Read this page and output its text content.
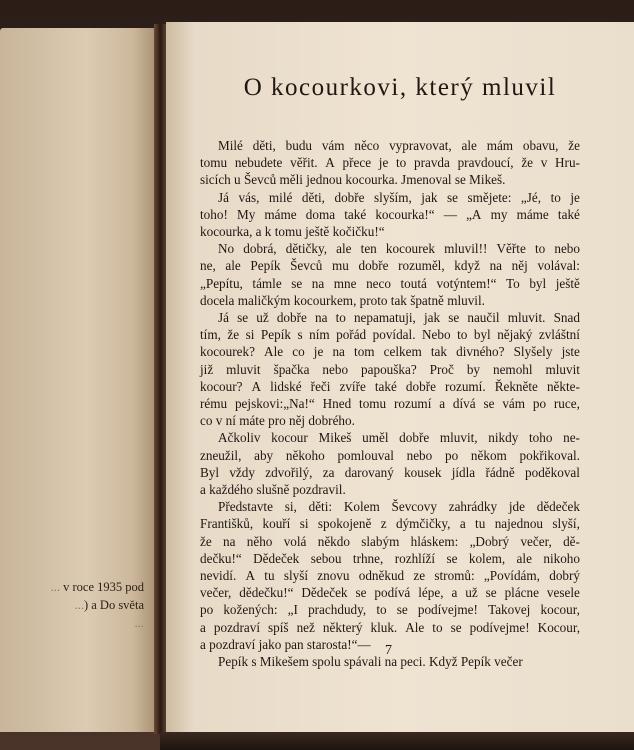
... v roce 1935 pod
...) a Do světa
...
O kocourkovi, který mluvil
Milé děti, budu vám něco vypravovat, ale mám obavu, že
tomu nebudete věřit. A přece je to pravda pravdoucí, že v Hru-
sicích u Ševců měli jednou kocourka. Jmenoval se Mikeš.
Já vás, milé děti, dobře slyším, jak se smějete: „Jé, to je
toho! My máme doma také kocourka!“ — „A my máme také
kocourka, a k tomu ještě kočičku!“
No dobrá, dětičky, ale ten kocourek mluvil!! Věřte to nebo
ne, ale Pepík Ševců mu dobře rozuměl, když na něj volával:
„Pepítu, támle se na mne neco toutá votýntem!“ To byl ještě
docela maličkým kocourkem, proto tak špatně mluvil.
Já se už dobře na to nepamatuji, jak se naučil mluvit. Snad
tím, že si Pepík s ním pořád povídal. Nebo to byl nějaký zvláštní
kocourek? Ale co je na tom celkem tak divného? Slyšely jste
již mluvit špačka nebo papouška? Proč by nemohl mluvit
kocour? A lidské řeči zvíře také dobře rozumí. Řekněte někte-
rému pejskovi:„Na!“ Hned tomu rozumí a dívá se vám po ruce,
co v ní máte pro něj dobrého.
Ačkoliv kocour Mikeš uměl dobře mluvit, nikdy toho ne-
zneužil, aby někoho pomlouval nebo po někom pokřikoval.
Byl vždy zdvořilý, za darovaný kousek jídla řádně poděkoval
a každého slušně pozdravil.
Představte si, děti: Kolem Ševcovy zahrádky jde dědeček
Františků, kouří si spokojeně z dýmčičky, a tu najednou slyší,
že na něho volá někdo slabým hláskem: „Dobrý večer, dě-
dečku!“ Dědeček sebou trhne, rozhlíží se kolem, ale nikoho
nevidí. A tu slyší znovu odněkud ze stromů: „Povídám, dobrý
večer, dědečku!“ Dědeček se podívá lépe, a už se plácne vesele
po kožených: „I prachdudy, to se podívejme! Takovej kocour,
a pozdraví spíš než některý kluk. Ale to se podívejme! Kocour,
a pozdraví jako pan starosta!“—
Pepík s Mikešem spolu spávali na peci. Když Pepík večer
7
